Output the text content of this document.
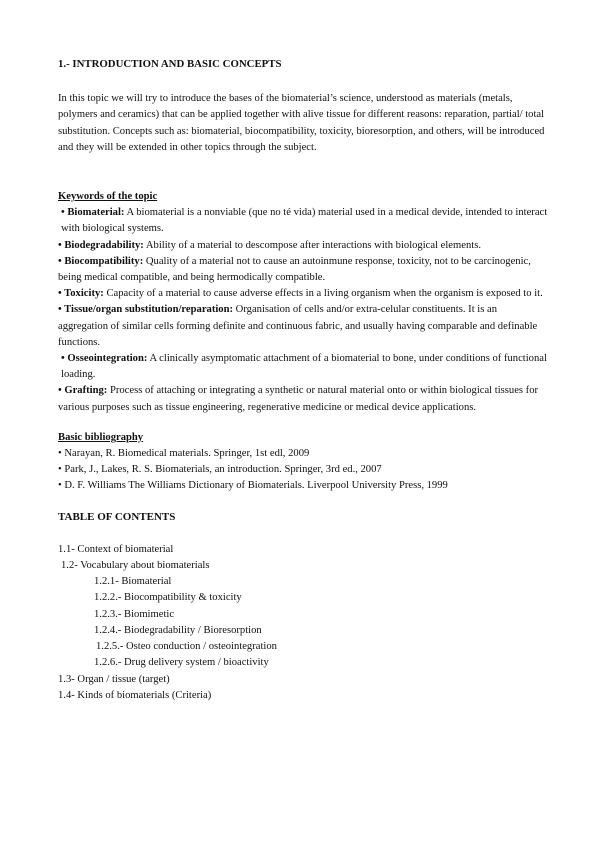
1.- INTRODUCTION AND BASIC CONCEPTS

In this topic we will try to introduce the bases of the biomaterial’s science, understood as materials (metals, polymers and ceramics) that can be applied together with alive tissue for different reasons: reparation, partial/ total substitution. Concepts such as: biomaterial, biocompatibility, toxicity, bioresorption, and others, will be introduced and they will be extended in other topics through the subject.

Keywords of the topic

• Biomaterial: A biomaterial is a nonviable (que no té vida) material used in a medical devide, intended to interact with biological systems.

• Biodegradability: Ability of a material to descompose after interactions with biological elements.

• Biocompatibility: Quality of a material not to cause an autoinmune response, toxicity, not to be carcinogenic, being medical compatible, and being hermodically compatible.

• Toxicity: Capacity of a material to cause adverse effects in a living organism when the organism is exposed to it.

• Tissue/organ substitution/reparation: Organisation of cells and/or extra-celular constituents. It is an aggregation of similar cells forming definite and continuous fabric, and usually having comparable and definable functions.

• Osseointegration: A clinically asymptomatic attachment of a biomaterial to bone, under conditions of functional loading.

• Grafting: Process of attaching or integrating a synthetic or natural material onto or within biological tissues for various purposes such as tissue engineering, regenerative medicine or medical device applications.

Basic bibliography

• Narayan, R. Biomedical materials. Springer, 1st edl, 2009

• Park, J., Lakes, R. S. Biomaterials, an introduction. Springer, 3rd ed., 2007

• D. F. Williams The Williams Dictionary of Biomaterials. Liverpool University Press, 1999

TABLE OF CONTENTS
1.1- Context of biomaterial
1.2- Vocabulary about biomaterials
1.2.1- Biomaterial
1.2.2.- Biocompatibility & toxicity
1.2.3.- Biomimetic
1.2.4.- Biodegradability / Bioresorption
1.2.5.- Osteo conduction / osteointegration
1.2.6.- Drug delivery system / bioactivity
1.3- Organ / tissue (target)
1.4- Kinds of biomaterials (Criteria)
